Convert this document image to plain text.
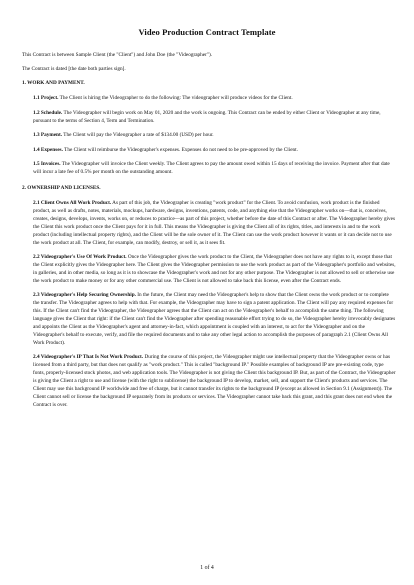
Video Production Contract Template

This Contract is between Sample Client (the "Client") and John Doe (the "Videographer").

The Contract is dated [the date both parties sign].

1. WORK AND PAYMENT.

1.1 Project. The Client is hiring the Videographer to do the following: The videographer will produce videos for the Client.

1.2 Schedule. The Videographer will begin work on May 01, 2020 and the work is ongoing. This Contract can be ended by either Client or Videographer at any time, pursuant to the terms of Section 4, Term and Termination.

1.3 Payment. The Client will pay the Videographer a rate of $134.00 (USD) per hour.

1.4 Expenses. The Client will reimburse the Videographer's expenses. Expenses do not need to be pre-approved by the Client.

1.5 Invoices. The Videographer will invoice the Client weekly. The Client agrees to pay the amount owed within 15 days of receiving the invoice. Payment after that date will incur a late fee of 0.5% per month on the outstanding amount.

2. OWNERSHIP AND LICENSES.

2.1 Client Owns All Work Product. As part of this job, the Videographer is creating "work product" for the Client. To avoid confusion, work product is the finished product, as well as drafts, notes, materials, mockups, hardware, designs, inventions, patents, code, and anything else that the Videographer works on—that is, conceives, creates, designs, develops, invents, works on, or reduces to practice—as part of this project, whether before the date of this Contract or after. The Videographer hereby gives the Client this work product once the Client pays for it in full. This means the Videographer is giving the Client all of its rights, titles, and interests in and to the work product (including intellectual property rights), and the Client will be the sole owner of it. The Client can use the work product however it wants or it can decide not to use the work product at all. The Client, for example, can modify, destroy, or sell it, as it sees fit.

2.2 Videographer's Use Of Work Product. Once the Videographer gives the work product to the Client, the Videographer does not have any rights to it, except those that the Client explicitly gives the Videographer here. The Client gives the Videographer permission to use the work product as part of the Videographer's portfolio and websites, in galleries, and in other media, so long as it is to showcase the Videographer's work and not for any other purpose. The Videographer is not allowed to sell or otherwise use the work product to make money or for any other commercial use. The Client is not allowed to take back this license, even after the Contract ends.

2.3 Videographer's Help Securing Ownership. In the future, the Client may need the Videographer's help to show that the Client owns the work product or to complete the transfer. The Videographer agrees to help with that. For example, the Videographer may have to sign a patent application. The Client will pay any required expenses for this. If the Client can't find the Videographer, the Videographer agrees that the Client can act on the Videographer's behalf to accomplish the same thing. The following language gives the Client that right: if the Client can't find the Videographer after spending reasonable effort trying to do so, the Videographer hereby irrevocably designates and appoints the Client as the Videographer's agent and attorney-in-fact, which appointment is coupled with an interest, to act for the Videographer and on the Videographer's behalf to execute, verify, and file the required documents and to take any other legal action to accomplish the purposes of paragraph 2.1 (Client Owns All Work Product).

2.4 Videographer's IP That Is Not Work Product. During the course of this project, the Videographer might use intellectual property that the Videographer owns or has licensed from a third party, but that does not qualify as "work product." This is called "background IP." Possible examples of background IP are pre-existing code, type fonts, properly-licensed stock photos, and web application tools. The Videographer is not giving the Client this background IP. But, as part of the Contract, the Videographer is giving the Client a right to use and license (with the right to sublicense) the background IP to develop, market, sell, and support the Client's products and services. The Client may use this background IP worldwide and free of charge, but it cannot transfer its rights to the background IP (except as allowed in Section 9.1 (Assignment)). The Client cannot sell or license the background IP separately from its products or services. The Videographer cannot take back this grant, and this grant does not end when the Contract is over.

1 of 4
